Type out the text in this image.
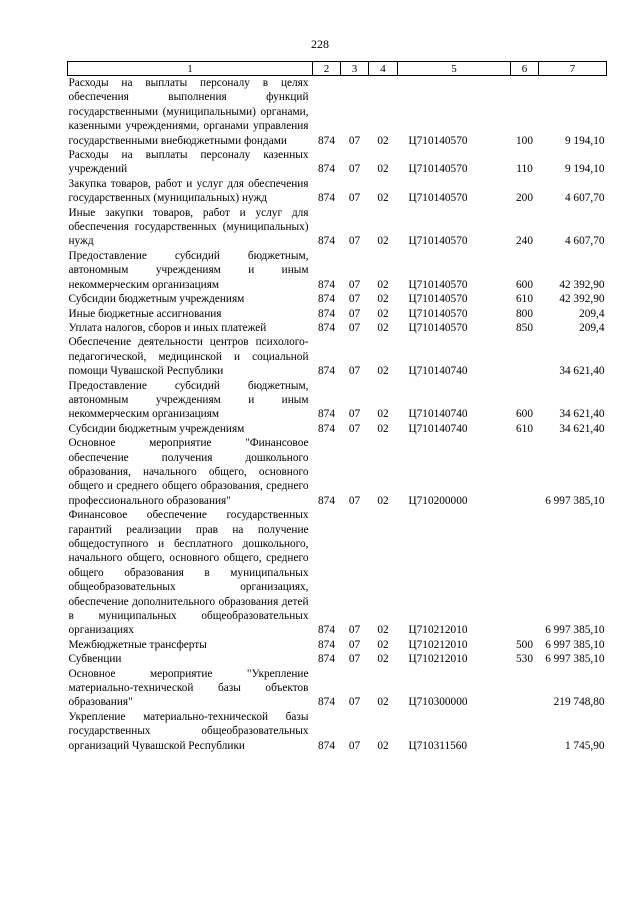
228
1	2	3	4	5	6	7
Расходы на выплаты персоналу в целях обеспечения выполнения функций государственными (муниципальными) органами, казенными учреждениями, органами управления государственными внебюджетными фондами	874	07	02	Ц710140570	100	9 194,10
Расходы на выплаты персоналу казенных учреждений	874	07	02	Ц710140570	110	9 194,10
Закупка товаров, работ и услуг для обеспечения государственных (муниципальных) нужд	874	07	02	Ц710140570	200	4 607,70
Иные закупки товаров, работ и услуг для обеспечения государственных (муниципальных) нужд	874	07	02	Ц710140570	240	4 607,70
Предоставление субсидий бюджетным, автономным учреждениям и иным некоммерческим организациям	874	07	02	Ц710140570	600	42 392,90
Субсидии бюджетным учреждениям	874	07	02	Ц710140570	610	42 392,90
Иные бюджетные ассигнования	874	07	02	Ц710140570	800	209,4
Уплата налогов, сборов и иных платежей	874	07	02	Ц710140570	850	209,4
Обеспечение деятельности центров психолого-педагогической, медицинской и социальной помощи Чувашской Республики	874	07	02	Ц710140740		34 621,40
Предоставление субсидий бюджетным, автономным учреждениям и иным некоммерческим организациям	874	07	02	Ц710140740	600	34 621,40
Субсидии бюджетным учреждениям	874	07	02	Ц710140740	610	34 621,40
Основное мероприятие "Финансовое обеспечение получения дошкольного образования, начального общего, основного общего и среднего общего образования, среднего профессионального образования"	874	07	02	Ц710200000		6 997 385,10
Финансовое обеспечение государственных гарантий реализации прав на получение общедоступного и бесплатного дошкольного, начального общего, основного общего, среднего общего образования в муниципальных общеобразовательных организациях, обеспечение дополнительного образования детей в муниципальных общеобразовательных организациях	874	07	02	Ц710212010		6 997 385,10
Межбюджетные трансферты	874	07	02	Ц710212010	500	6 997 385,10
Субвенции	874	07	02	Ц710212010	530	6 997 385,10
Основное мероприятие "Укрепление материально-технической базы объектов образования"	874	07	02	Ц710300000		219 748,80
Укрепление материально-технической базы государственных общеобразовательных организаций Чувашской Республики	874	07	02	Ц710311560		1 745,90
